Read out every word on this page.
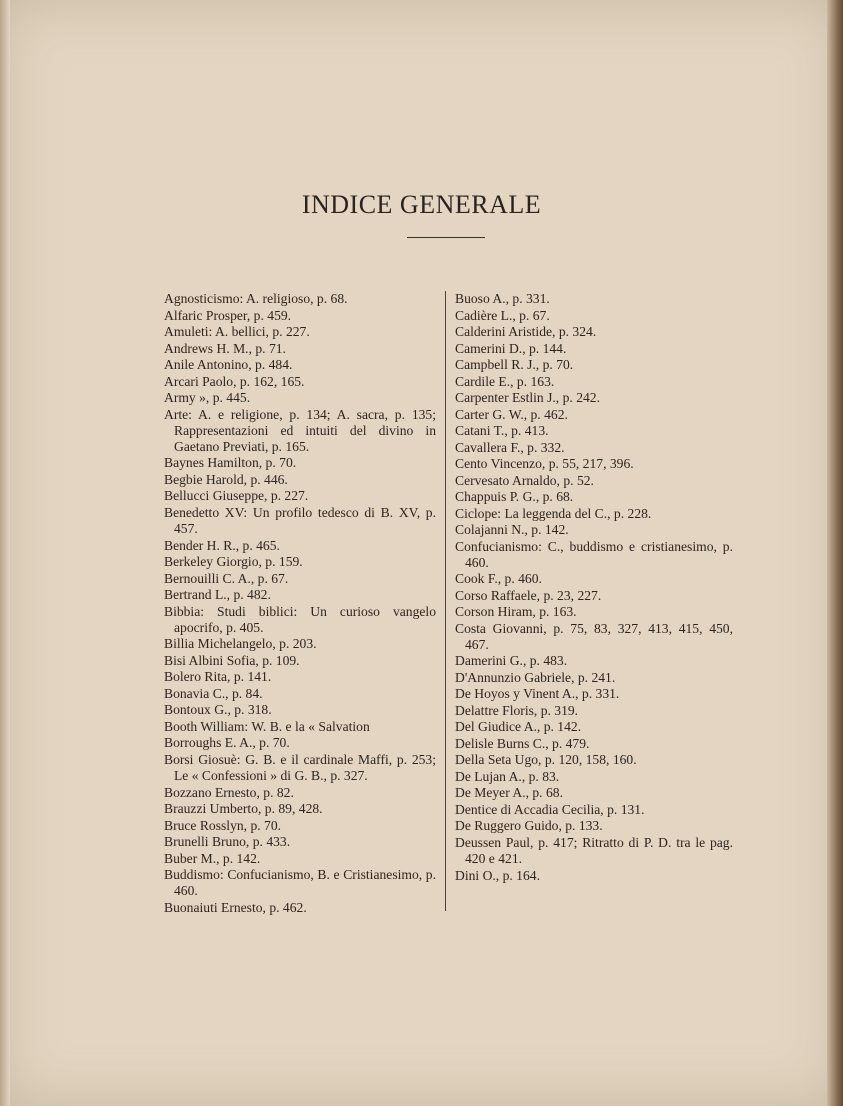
INDICE GENERALE
Agnosticismo: A. religioso, p. 68.
Alfaric Prosper, p. 459.
Amuleti: A. bellici, p. 227.
Andrews H. M., p. 71.
Anile Antonino, p. 484.
Arcari Paolo, p. 162, 165.
Army », p. 445.
Arte: A. e religione, p. 134; A. sacra, p. 135; Rappresentazioni ed intuiti del divino in Gaetano Previati, p. 165.
Baynes Hamilton, p. 70.
Begbie Harold, p. 446.
Bellucci Giuseppe, p. 227.
Benedetto XV: Un profilo tedesco di B. XV, p. 457.
Bender H. R., p. 465.
Berkeley Giorgio, p. 159.
Bernouilli C. A., p. 67.
Bertrand L., p. 482.
Bibbia: Studi biblici: Un curioso vangelo apocrifo, p. 405.
Billia Michelangelo, p. 203.
Bisi Albini Sofia, p. 109.
Bolero Rita, p. 141.
Bonavia C., p. 84.
Bontoux G., p. 318.
Booth William: W. B. e la « Salvation
Borroughs E. A., p. 70.
Borsi Giosuè: G. B. e il cardinale Maffi, p. 253; Le « Confessioni » di G. B., p. 327.
Bozzano Ernesto, p. 82.
Brauzzi Umberto, p. 89, 428.
Bruce Rosslyn, p. 70.
Brunelli Bruno, p. 433.
Buber M., p. 142.
Buddismo: Confucianismo, B. e Cristianesimo, p. 460.
Buonaiuti Ernesto, p. 462.
Buoso A., p. 331.
Cadière L., p. 67.
Calderini Aristide, p. 324.
Camerini D., p. 144.
Campbell R. J., p. 70.
Cardile E., p. 163.
Carpenter Estlin J., p. 242.
Carter G. W., p. 462.
Catani T., p. 413.
Cavallera F., p. 332.
Cento Vincenzo, p. 55, 217, 396.
Cervesato Arnaldo, p. 52.
Chappuis P. G., p. 68.
Ciclope: La leggenda del C., p. 228.
Colajanni N., p. 142.
Confucianismo: C., buddismo e cristianesimo, p. 460.
Cook F., p. 460.
Corso Raffaele, p. 23, 227.
Corson Hiram, p. 163.
Costa Giovanni, p. 75, 83, 327, 413, 415, 450, 467.
Damerini G., p. 483.
D'Annunzio Gabriele, p. 241.
De Hoyos y Vinent A., p. 331.
Delattre Floris, p. 319.
Del Giudice A., p. 142.
Delisle Burns C., p. 479.
Della Seta Ugo, p. 120, 158, 160.
De Lujan A., p. 83.
De Meyer A., p. 68.
Dentice di Accadia Cecilia, p. 131.
De Ruggero Guido, p. 133.
Deussen Paul, p. 417; Ritratto di P. D. tra le pag. 420 e 421.
Dini O., p. 164.
